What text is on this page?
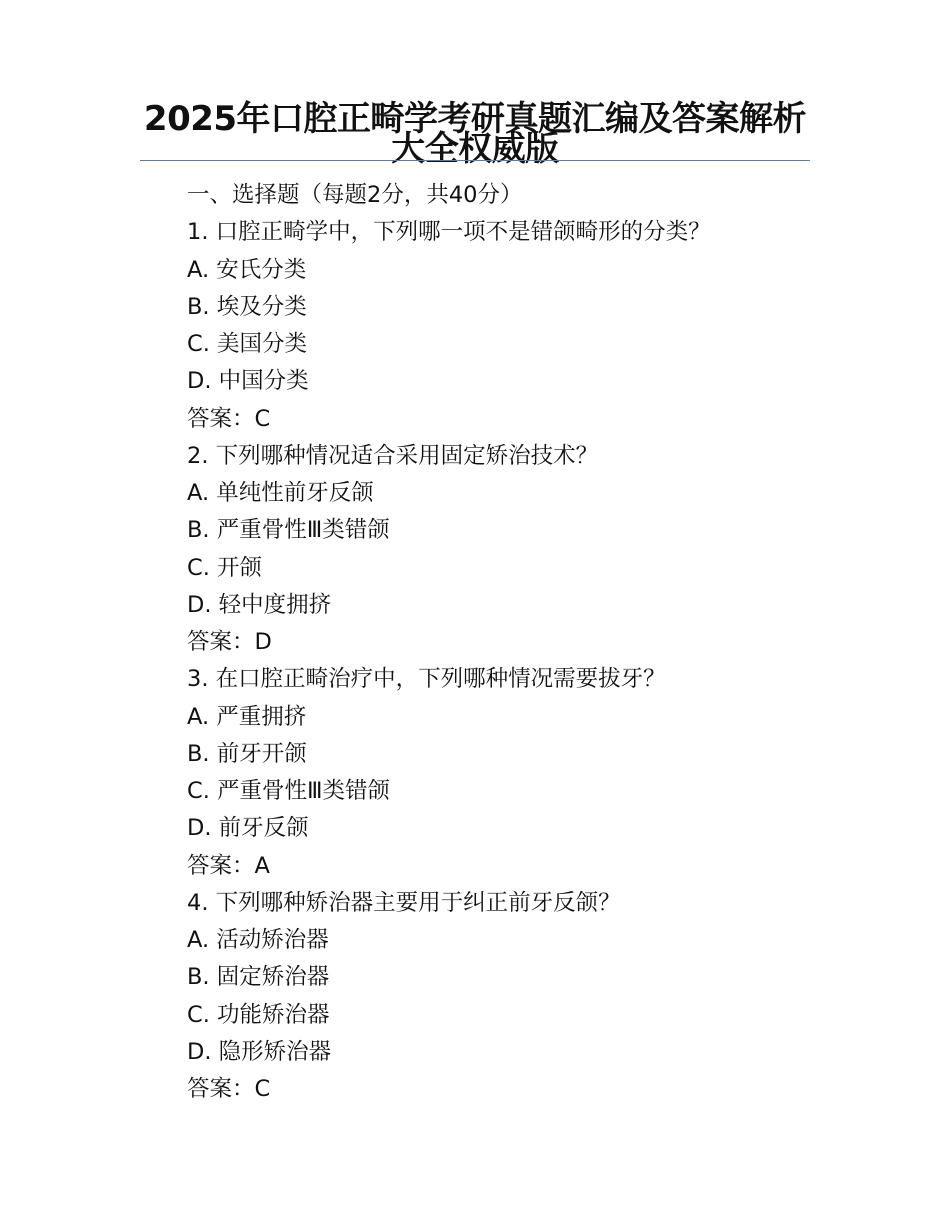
2025年口腔正畸学考研真题汇编及答案解析大全权威版
一、选择题（每题2分，共40分）
1. 口腔正畸学中，下列哪一项不是错颌畸形的分类？
A. 安氏分类
B. 埃及分类
C. 美国分类
D. 中国分类
答案：C
2. 下列哪种情况适合采用固定矫治技术？
A. 单纯性前牙反颌
B. 严重骨性Ⅲ类错颌
C. 开颌
D. 轻中度拥挤
答案：D
3. 在口腔正畸治疗中，下列哪种情况需要拔牙？
A. 严重拥挤
B. 前牙开颌
C. 严重骨性Ⅲ类错颌
D. 前牙反颌
答案：A
4. 下列哪种矫治器主要用于纠正前牙反颌？
A. 活动矫治器
B. 固定矫治器
C. 功能矫治器
D. 隐形矫治器
答案：C
